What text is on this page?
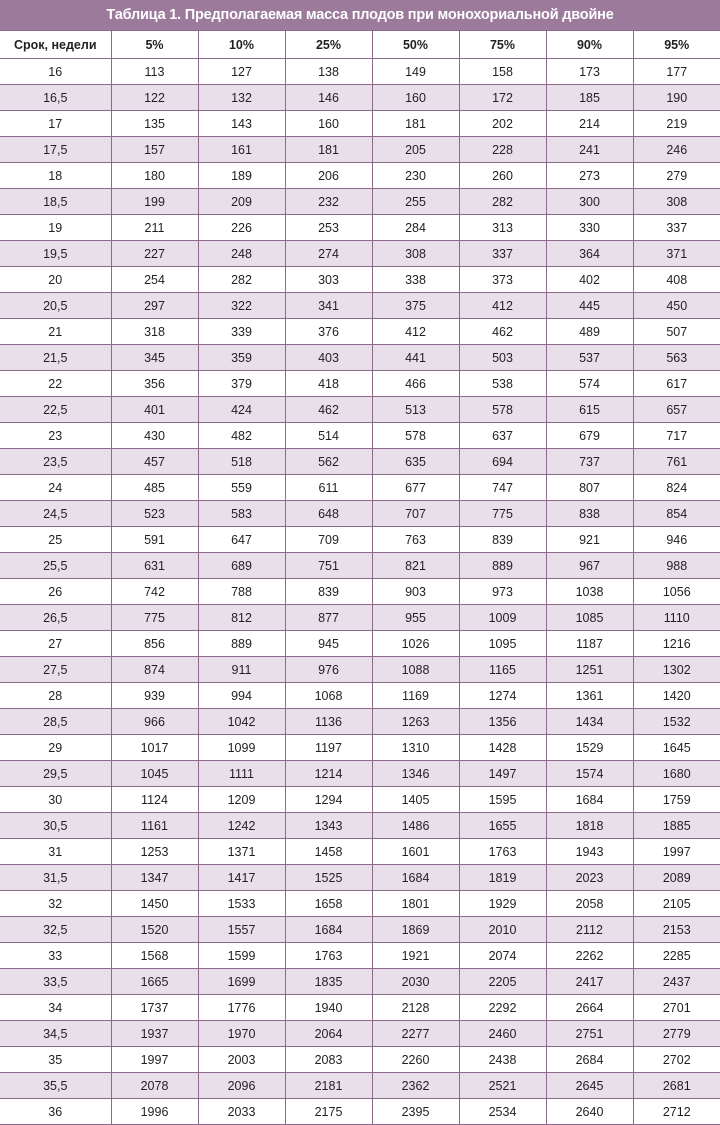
Таблица 1. Предполагаемая масса плодов при монохориальной двойне
Срок, недели	5%	10%	25%	50%	75%	90%	95%
16	113	127	138	149	158	173	177
16,5	122	132	146	160	172	185	190
17	135	143	160	181	202	214	219
17,5	157	161	181	205	228	241	246
18	180	189	206	230	260	273	279
18,5	199	209	232	255	282	300	308
19	211	226	253	284	313	330	337
19,5	227	248	274	308	337	364	371
20	254	282	303	338	373	402	408
20,5	297	322	341	375	412	445	450
21	318	339	376	412	462	489	507
21,5	345	359	403	441	503	537	563
22	356	379	418	466	538	574	617
22,5	401	424	462	513	578	615	657
23	430	482	514	578	637	679	717
23,5	457	518	562	635	694	737	761
24	485	559	611	677	747	807	824
24,5	523	583	648	707	775	838	854
25	591	647	709	763	839	921	946
25,5	631	689	751	821	889	967	988
26	742	788	839	903	973	1038	1056
26,5	775	812	877	955	1009	1085	1110
27	856	889	945	1026	1095	1187	1216
27,5	874	911	976	1088	1165	1251	1302
28	939	994	1068	1169	1274	1361	1420
28,5	966	1042	1136	1263	1356	1434	1532
29	1017	1099	1197	1310	1428	1529	1645
29,5	1045	1111	1214	1346	1497	1574	1680
30	1124	1209	1294	1405	1595	1684	1759
30,5	1161	1242	1343	1486	1655	1818	1885
31	1253	1371	1458	1601	1763	1943	1997
31,5	1347	1417	1525	1684	1819	2023	2089
32	1450	1533	1658	1801	1929	2058	2105
32,5	1520	1557	1684	1869	2010	2112	2153
33	1568	1599	1763	1921	2074	2262	2285
33,5	1665	1699	1835	2030	2205	2417	2437
34	1737	1776	1940	2128	2292	2664	2701
34,5	1937	1970	2064	2277	2460	2751	2779
35	1997	2003	2083	2260	2438	2684	2702
35,5	2078	2096	2181	2362	2521	2645	2681
36	1996	2033	2175	2395	2534	2640	2712
